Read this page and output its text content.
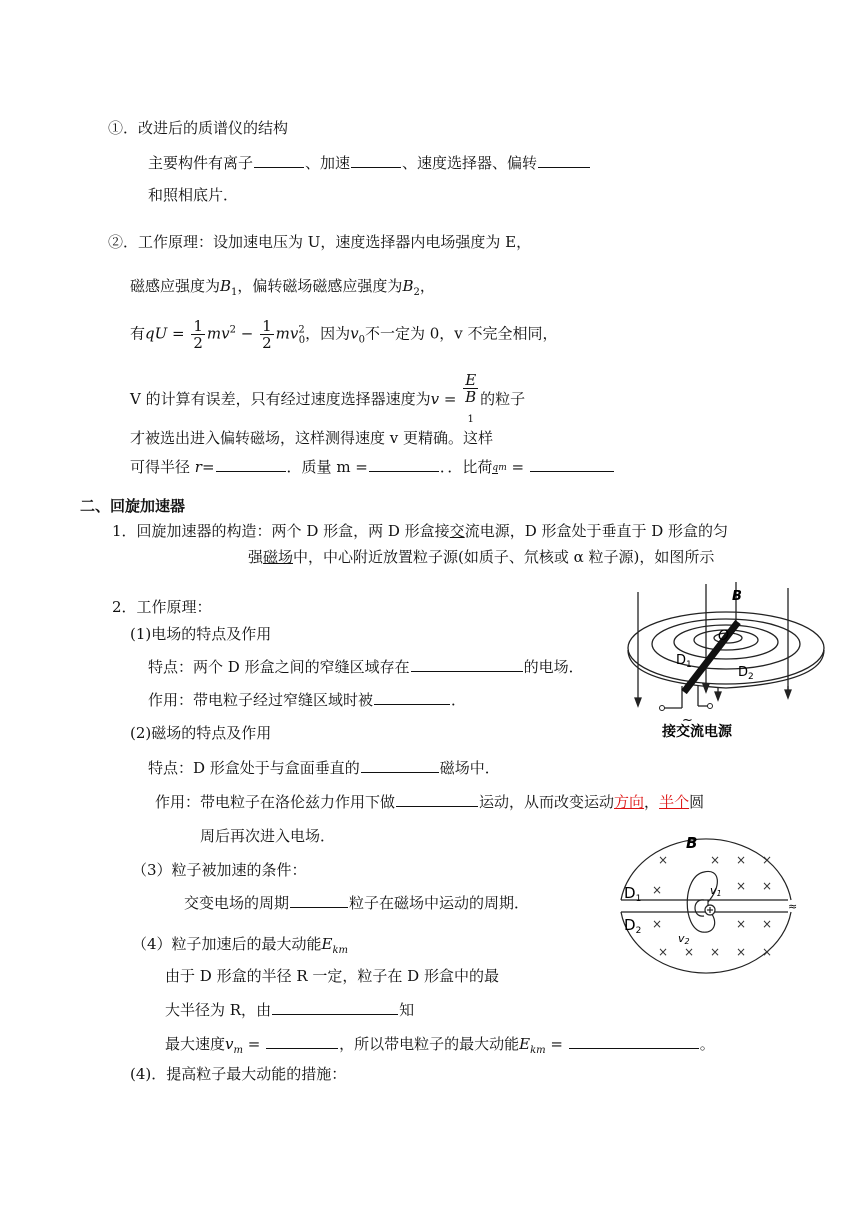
①．改进后的质谱仪的结构
主要构件有离子	、加速	、速度选择器、偏转
和照相底片．
②．工作原理：设加速电压为 U，速度选择器内电场强度为 E，
磁感应强度为$B_1$，偏转磁场磁感应强度为$B_2$，
有qU = $\frac{1}{2} mv^2 - \frac{1}{2} mv^2_0$，因为$v_0$不一定为 0，v 不完全相同，
V 的计算有误差，只有经过速度选择器速度为v = E
B
$_1$ 的粒子
才被选出进入偏转磁场，这样测得速度 v 更精确。这样
可得半径 r=	．质量 m =	．．比荷qm =
二、回旋加速器
1．回旋加速器的构造：两个 D 形盒，两 D 形盒接交流电源，D 形盒处于垂直于 D 形盒的匀
强磁场中，中心附近放置粒子源(如质子、氘核或 α 粒子源)，如图所示
2．工作原理：
(1)电场的特点及作用
特点：两个 D 形盒之间的窄缝区域存在	的电场．
作用：带电粒子经过窄缝区域时被	．
(2)磁场的特点及作用
特点：D 形盒处于与盒面垂直的	磁场中．
作用：带电粒子在洛伦兹力作用下做	运动，从而改变运动方向，半个圆
周后再次进入电场．
（3）粒子被加速的条件：
交变电场的周期	粒子在磁场中运动的周期．
（4）粒子加速后的最大动能$E_{km}$
由于 D 形盒的半径 R 一定，粒子在 D 形盒中的最
大半径为 R，由	知
最大速度$v_m$ =	，所以带电粒子的最大动能$E_{km}$ =	。
(4)．提高粒子最大动能的措施：
B
O
$D_1$	$D_2$
~
接交流电源
B
$D_1$
$D_2$
v1
v2
≈
× × ×
×
×	× ×
×	× ×
× × × × ×
